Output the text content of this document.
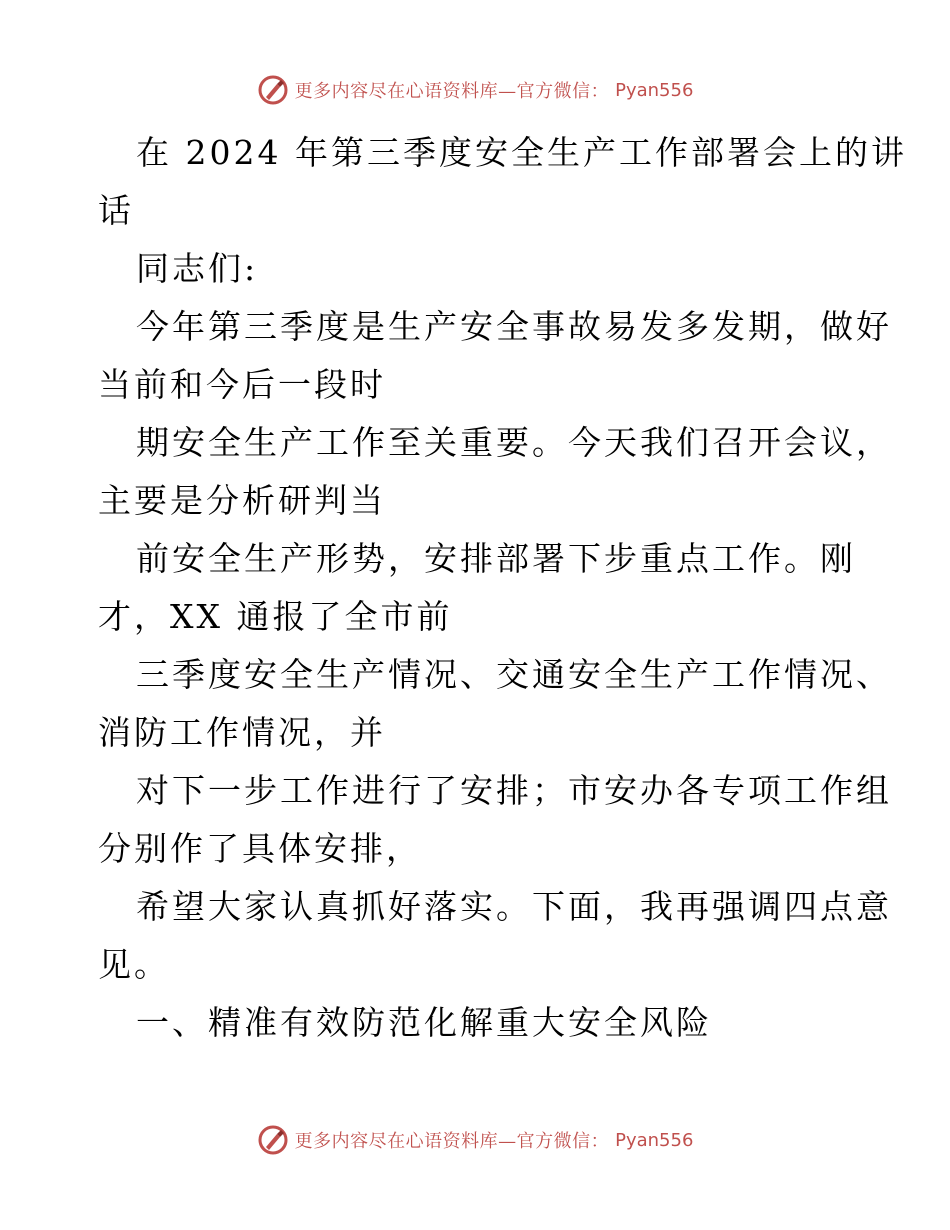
更多内容尽在心语资料库—官方微信： Pyan556

在 2024 年第三季度安全生产工作部署会上的讲

话

同志们:

今年第三季度是生产安全事故易发多发期，做好

当前和今后一段时

期安全生产工作至关重要。今天我们召开会议，

主要是分析研判当

前安全生产形势，安排部署下步重点工作。刚

才，XX 通报了全市前

三季度安全生产情况、交通安全生产工作情况、

消防工作情况，并

对下一步工作进行了安排；市安办各专项工作组

分别作了具体安排，

希望大家认真抓好落实。下面，我再强调四点意

见。

一、精准有效防范化解重大安全风险

更多内容尽在心语资料库—官方微信： Pyan556
